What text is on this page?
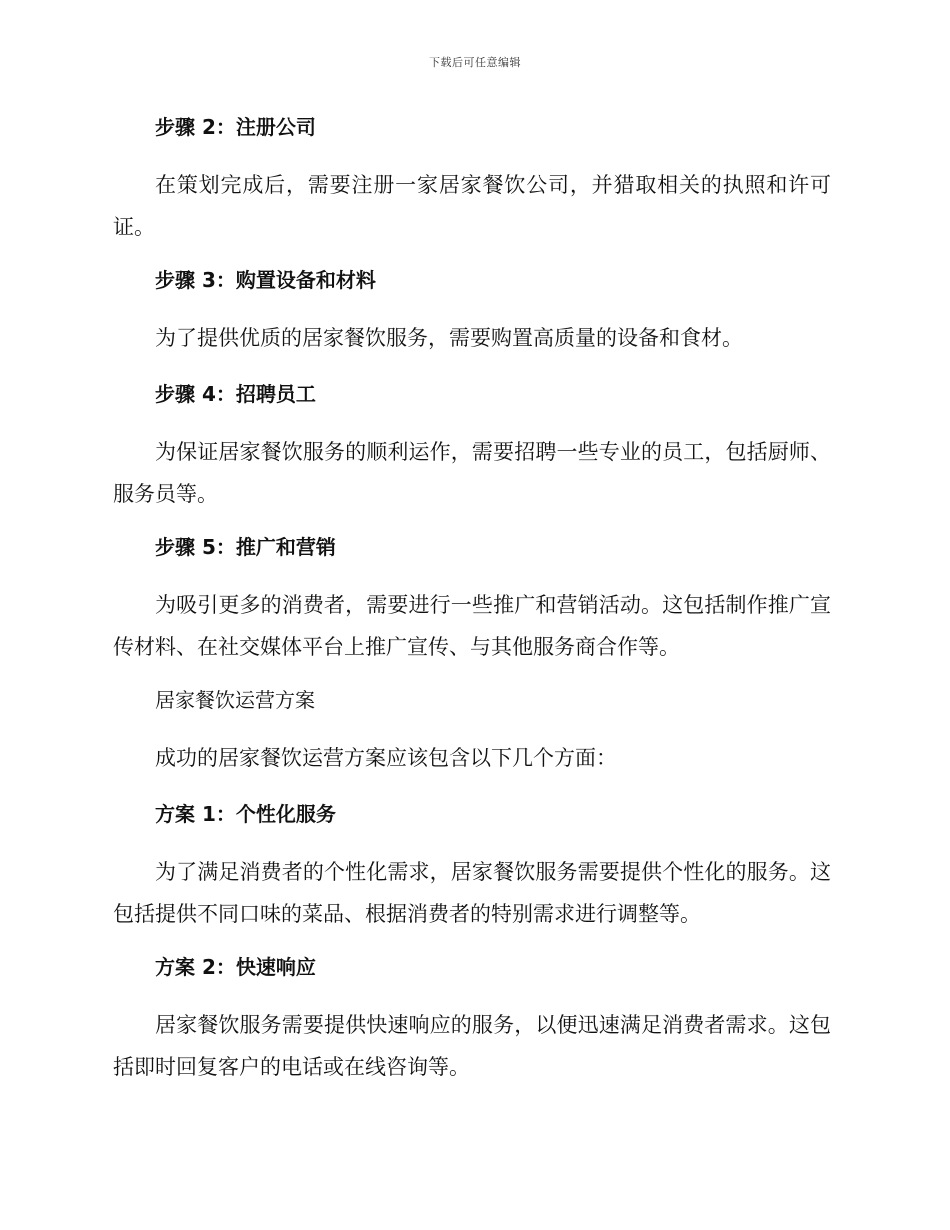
下载后可任意编辑
步骤 2：注册公司
在策划完成后，需要注册一家居家餐饮公司，并猎取相关的执照和许可证。
步骤 3：购置设备和材料
为了提供优质的居家餐饮服务，需要购置高质量的设备和食材。
步骤 4：招聘员工
为保证居家餐饮服务的顺利运作，需要招聘一些专业的员工，包括厨师、服务员等。
步骤 5：推广和营销
为吸引更多的消费者，需要进行一些推广和营销活动。这包括制作推广宣传材料、在社交媒体平台上推广宣传、与其他服务商合作等。
居家餐饮运营方案
成功的居家餐饮运营方案应该包含以下几个方面：
方案 1：个性化服务
为了满足消费者的个性化需求，居家餐饮服务需要提供个性化的服务。这包括提供不同口味的菜品、根据消费者的特别需求进行调整等。
方案 2：快速响应
居家餐饮服务需要提供快速响应的服务，以便迅速满足消费者需求。这包括即时回复客户的电话或在线咨询等。
